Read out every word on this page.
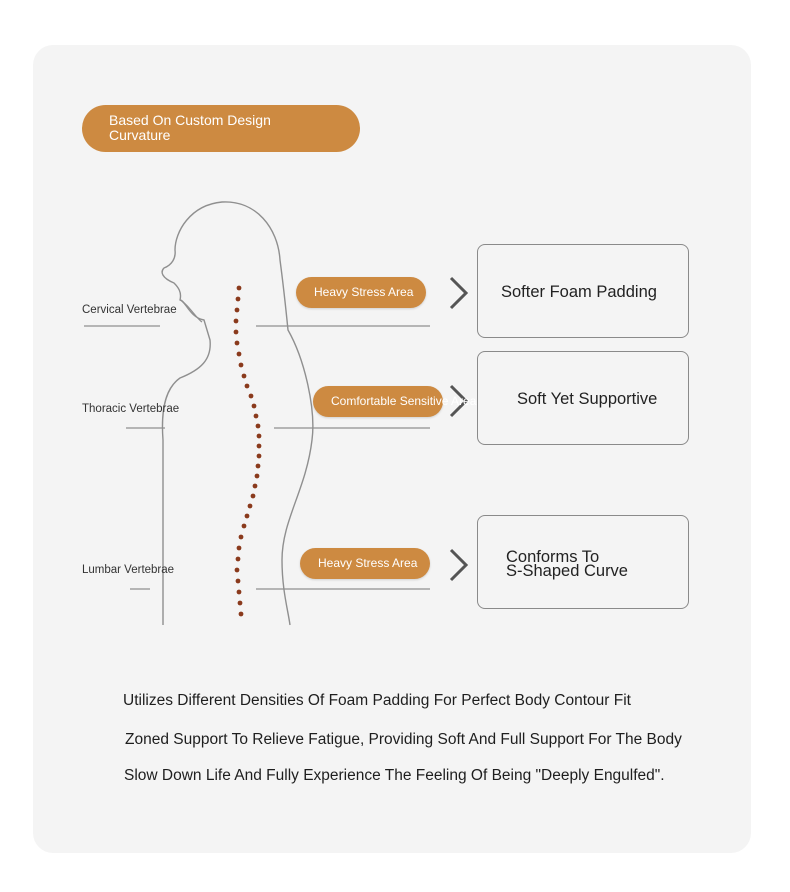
Based On Custom Design
Curvature
Cervical Vertebrae
Thoracic Vertebrae
Lumbar Vertebrae
Heavy Stress Area
Comfortable Sensitive Area
Heavy Stress Area
Softer Foam Padding
Soft Yet Supportive
Conforms To
S-Shaped Curve
Utilizes Different Densities Of Foam Padding For Perfect Body Contour Fit
Zoned Support To Relieve Fatigue, Providing Soft And Full Support For The Body
Slow Down Life And Fully Experience The Feeling Of Being "Deeply Engulfed".
